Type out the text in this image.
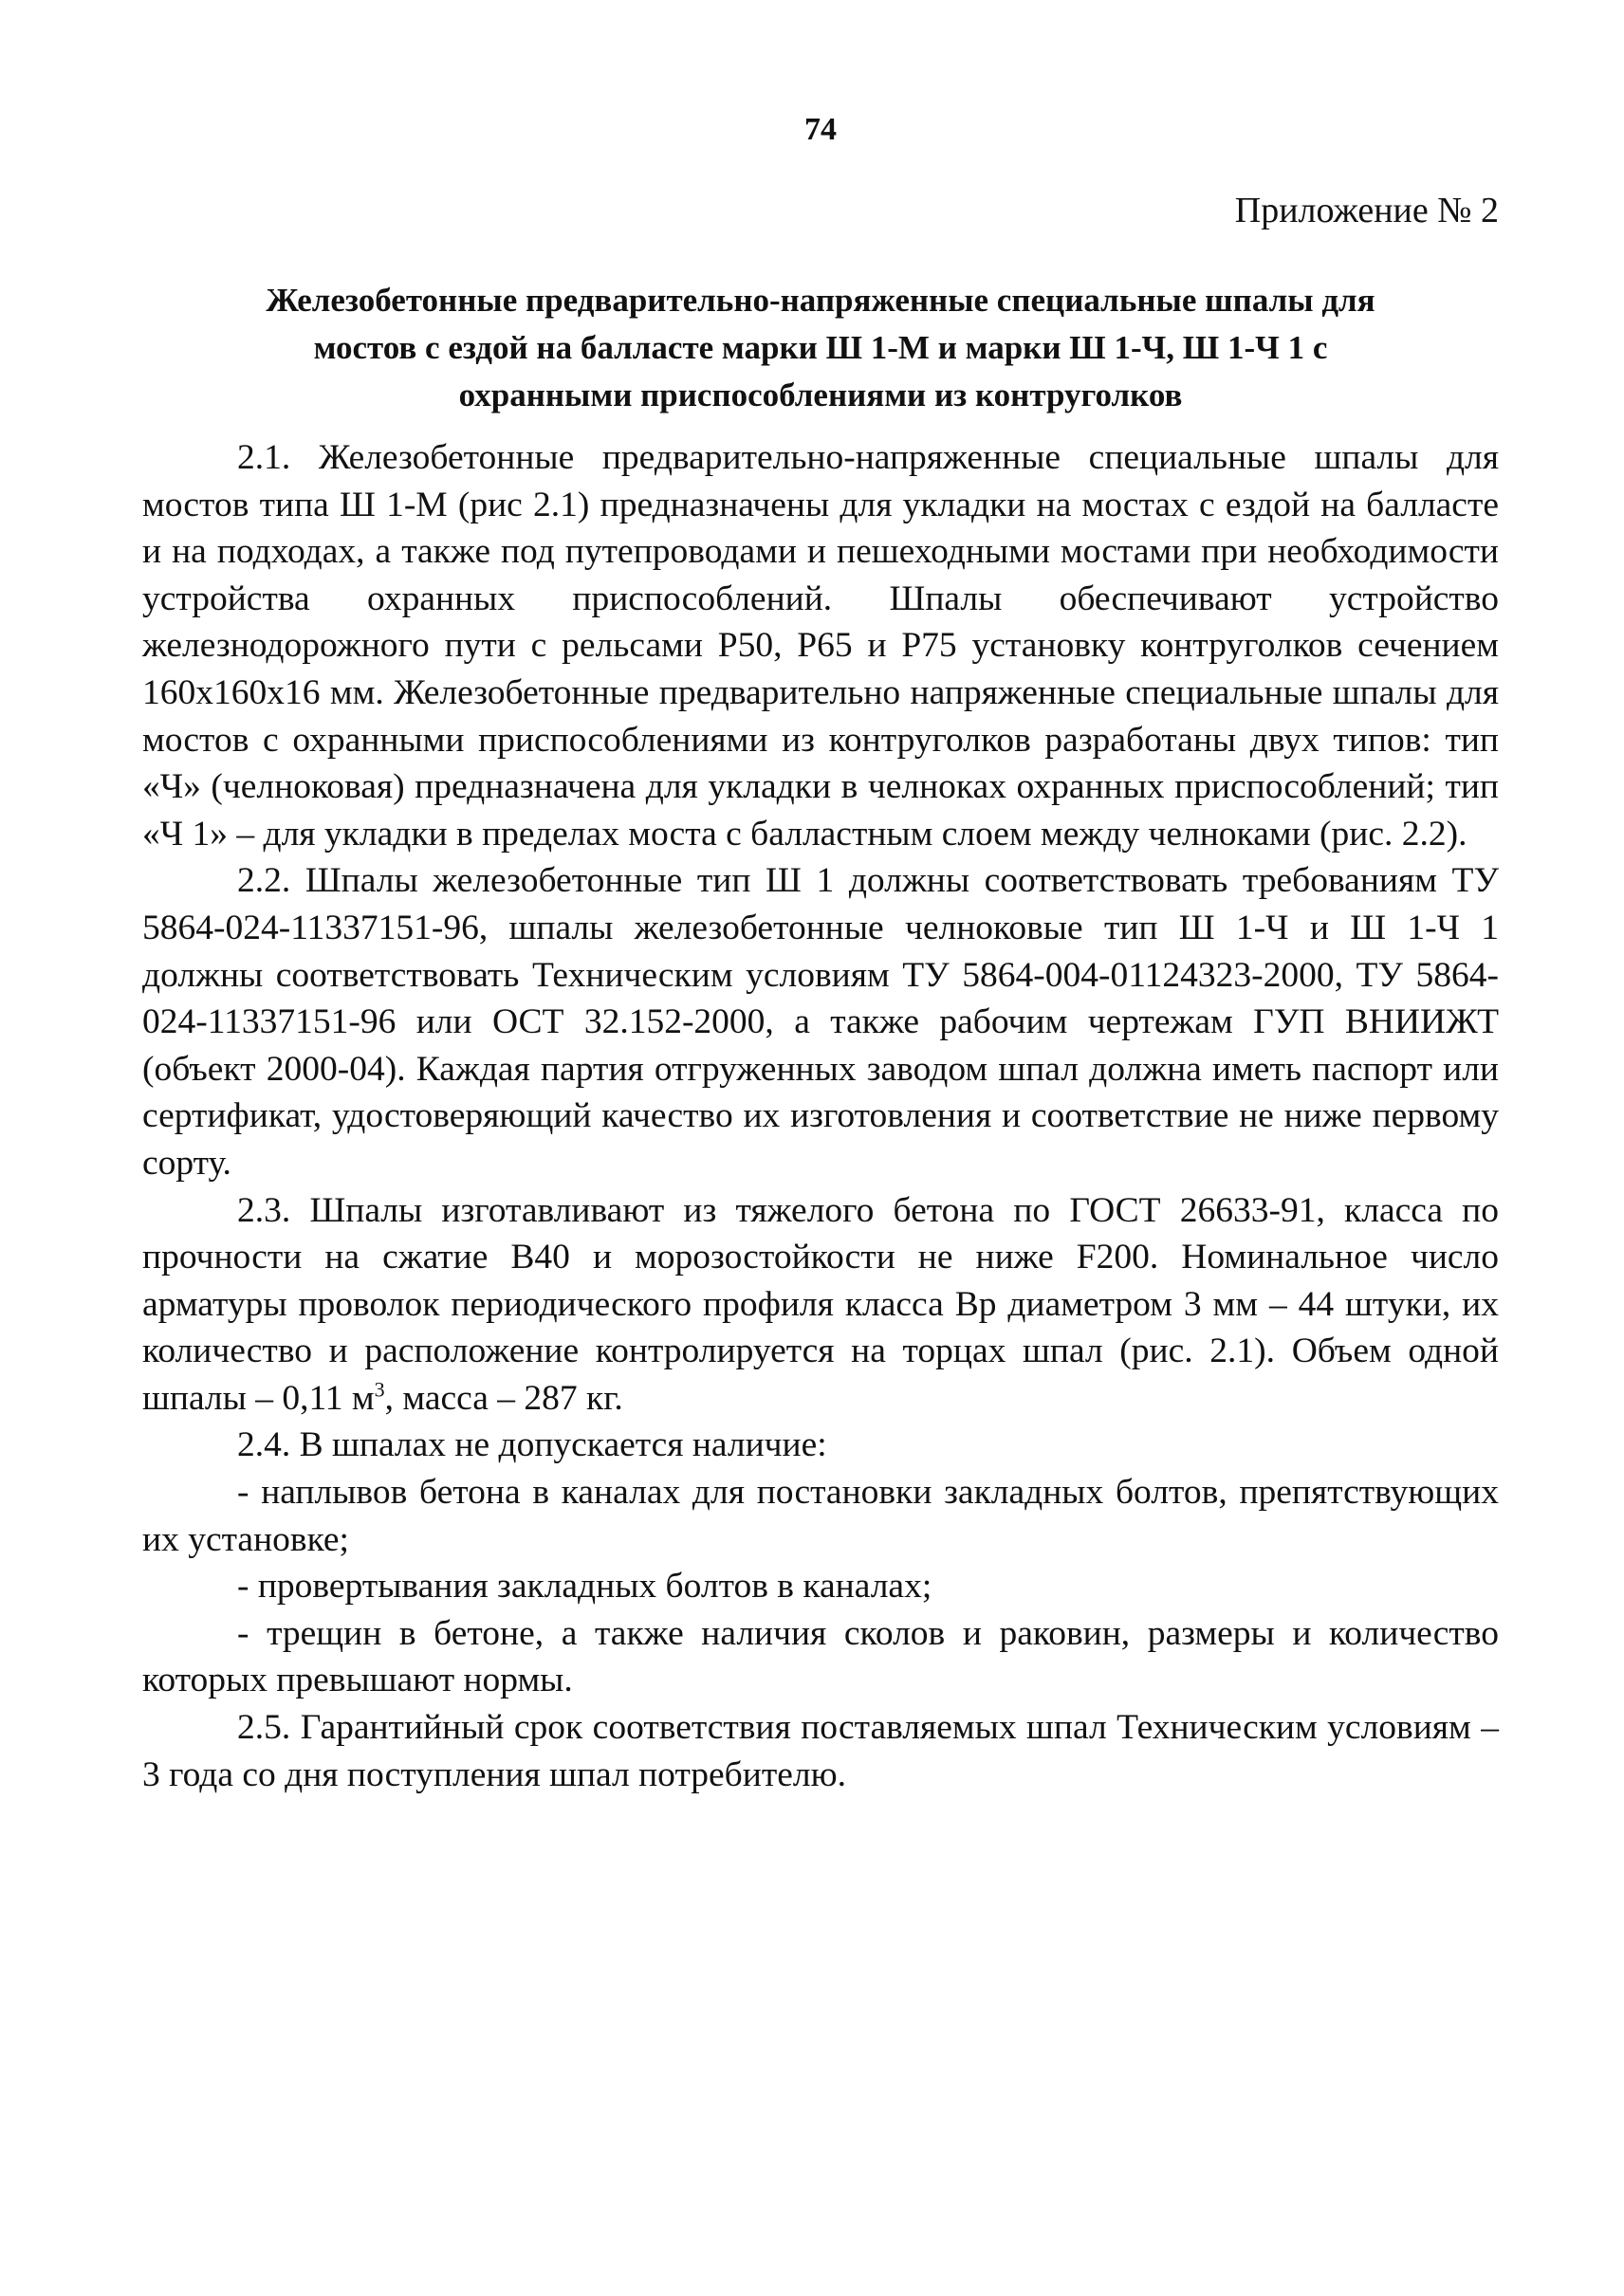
74
Приложение № 2
Железобетонные предварительно-напряженные специальные шпалы для
мостов с ездой на балласте марки Ш 1-М и марки Ш 1-Ч, Ш 1-Ч 1 с
охранными приспособлениями из контруголков

2.1. Железобетонные предварительно-напряженные специальные шпалы для мостов типа Ш 1-М (рис 2.1) предназначены для укладки на мостах с ездой на балласте и на подходах, а также под путепроводами и пешеходными мостами при необходимости устройства охранных приспособлений. Шпалы обеспечивают устройство железнодорожного пути с рельсами Р50, Р65 и Р75 установку контруголков сечением 160x160x16 мм. Железобетонные предварительно напряженные специальные шпалы для мостов с охранными приспособлениями из контруголков разработаны двух типов: тип «Ч» (челноковая) предназначена для укладки в челноках охранных приспособлений; тип «Ч 1» – для укладки в пределах моста с балластным слоем между челноками (рис. 2.2).

2.2. Шпалы железобетонные тип Ш 1 должны соответствовать требованиям ТУ 5864-024-11337151-96, шпалы железобетонные челноковые тип Ш 1-Ч и Ш 1-Ч 1 должны соответствовать Техническим условиям ТУ 5864-004-01124323-2000, ТУ 5864-024-11337151-96 или ОСТ 32.152-2000, а также рабочим чертежам ГУП ВНИИЖТ (объект 2000-04). Каждая партия отгруженных заводом шпал должна иметь паспорт или сертификат, удостоверяющий качество их изготовления и соответствие не ниже первому сорту.

2.3. Шпалы изготавливают из тяжелого бетона по ГОСТ 26633-91, класса по прочности на сжатие В40 и морозостойкости не ниже F200. Номинальное число арматуры проволок периодического профиля класса Вр диаметром 3 мм – 44 штуки, их количество и расположение контролируется на торцах шпал (рис. 2.1). Объем одной шпалы – 0,11 $м^3$, масса – 287 кг.

2.4. В шпалах не допускается наличие:

- наплывов бетона в каналах для постановки закладных болтов, препятствующих их установке;

- провертывания закладных болтов в каналах;

- трещин в бетоне, а также наличия сколов и раковин, размеры и количество которых превышают нормы.

2.5. Гарантийный срок соответствия поставляемых шпал Техническим условиям – 3 года со дня поступления шпал потребителю.
